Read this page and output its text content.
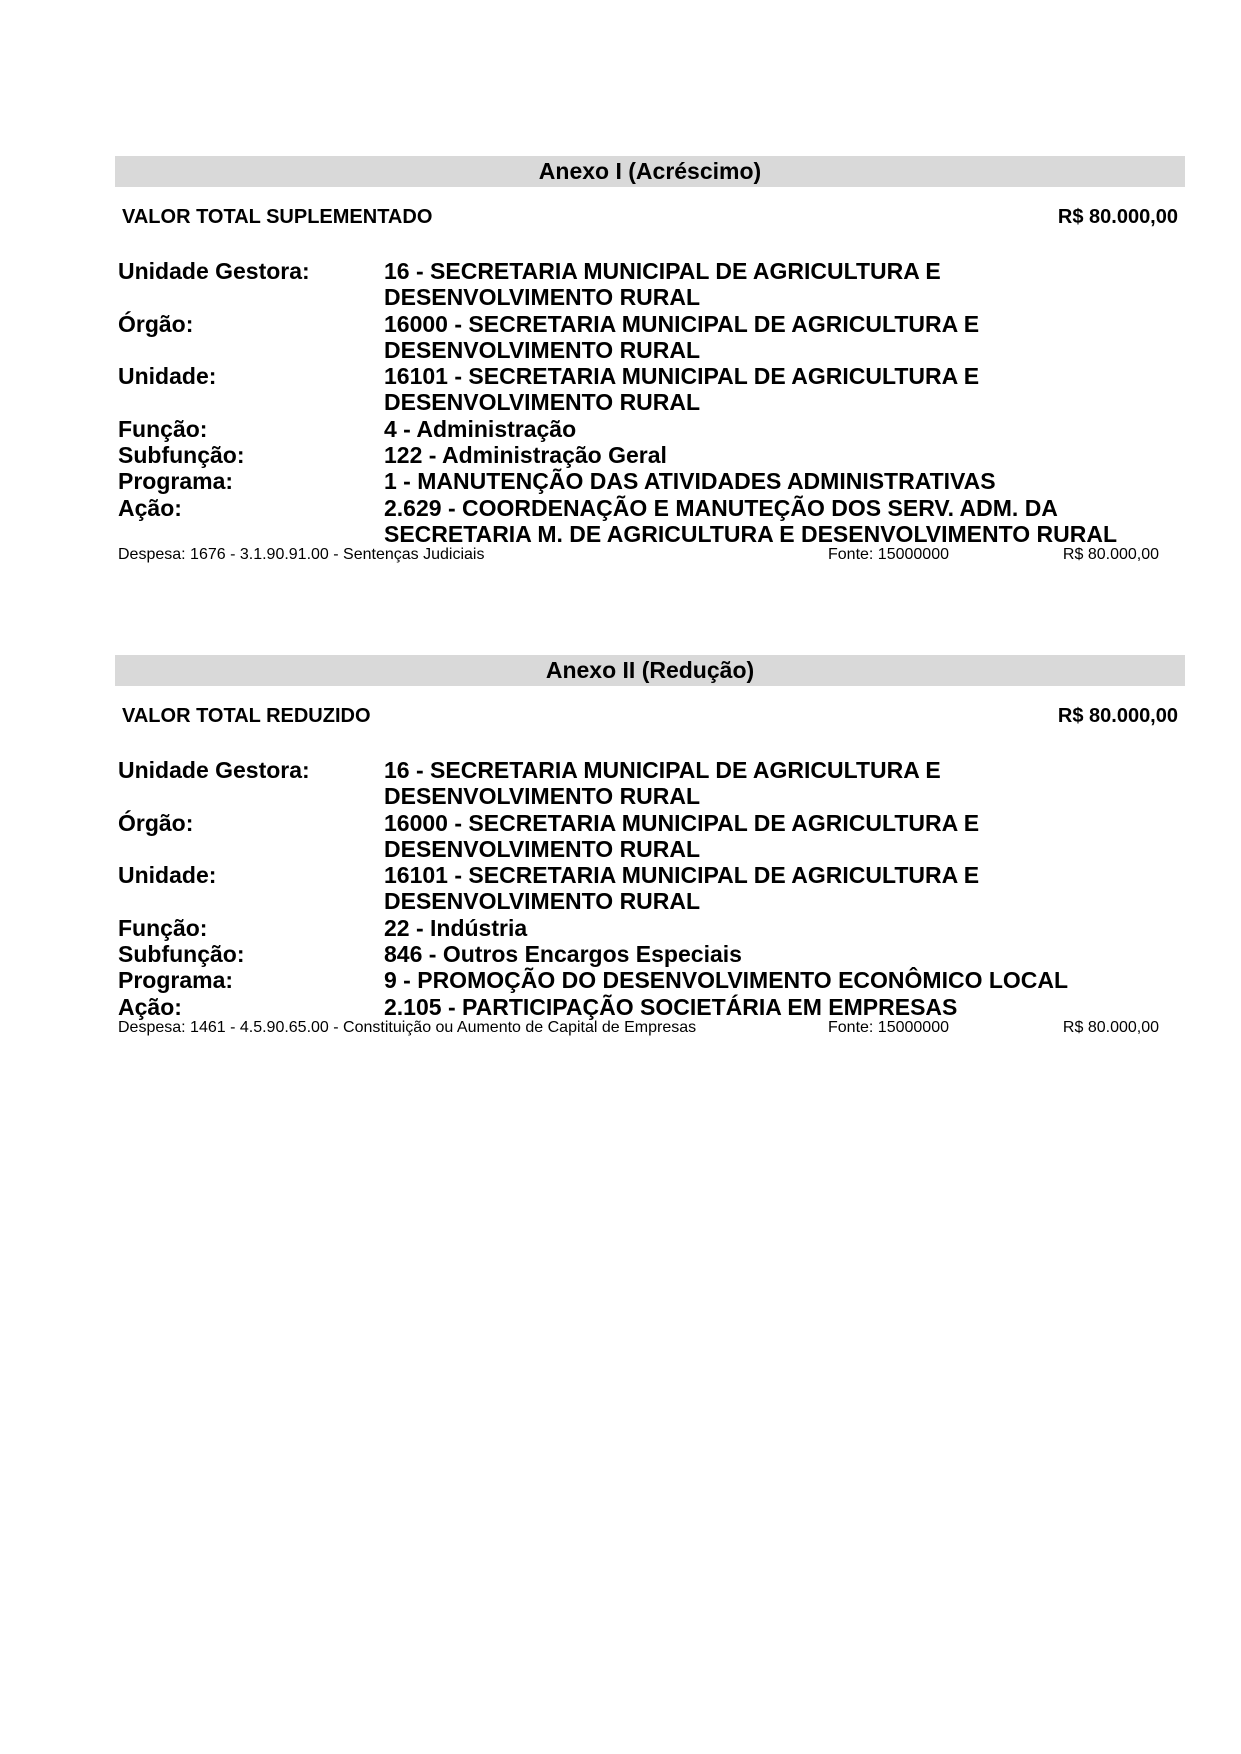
Anexo I (Acréscimo)
VALOR TOTAL SUPLEMENTADO	R$ 80.000,00
Unidade Gestora:	16 - SECRETARIA MUNICIPAL DE AGRICULTURA E
DESENVOLVIMENTO RURAL
Órgão:	16000 - SECRETARIA MUNICIPAL DE AGRICULTURA E
DESENVOLVIMENTO RURAL
Unidade:	16101 - SECRETARIA MUNICIPAL DE AGRICULTURA E
DESENVOLVIMENTO RURAL
Função:	4 - Administração
Subfunção:	122 - Administração Geral
Programa:	1 - MANUTENÇÃO DAS ATIVIDADES ADMINISTRATIVAS
Ação:	2.629 - COORDENAÇÃO E MANUTEÇÃO DOS SERV. ADM. DA
SECRETARIA M. DE AGRICULTURA E DESENVOLVIMENTO RURAL
Despesa: 1676 - 3.1.90.91.00 - Sentenças Judiciais	Fonte: 15000000	R$ 80.000,00
Anexo II (Redução)
VALOR TOTAL REDUZIDO	R$ 80.000,00
Unidade Gestora:	16 - SECRETARIA MUNICIPAL DE AGRICULTURA E
DESENVOLVIMENTO RURAL
Órgão:	16000 - SECRETARIA MUNICIPAL DE AGRICULTURA E
DESENVOLVIMENTO RURAL
Unidade:	16101 - SECRETARIA MUNICIPAL DE AGRICULTURA E
DESENVOLVIMENTO RURAL
Função:	22 - Indústria
Subfunção:	846 - Outros Encargos Especiais
Programa:	9 - PROMOÇÃO DO DESENVOLVIMENTO ECONÔMICO LOCAL
Ação:	2.105 - PARTICIPAÇÃO SOCIETÁRIA EM EMPRESAS
Despesa: 1461 - 4.5.90.65.00 - Constituição ou Aumento de Capital de Empresas	Fonte: 15000000	R$ 80.000,00
